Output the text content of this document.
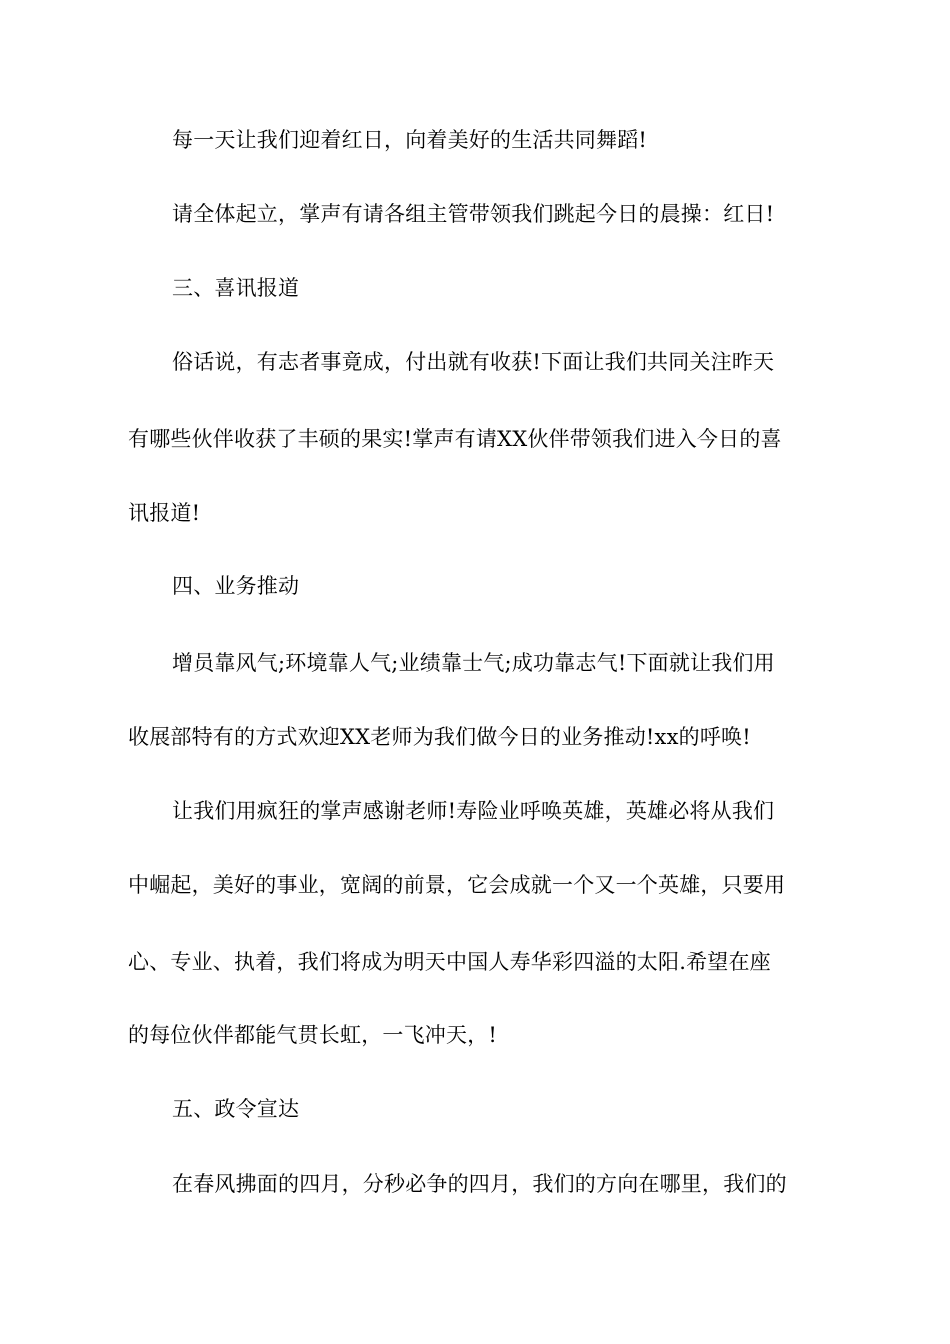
每一天让我们迎着红日，向着美好的生活共同舞蹈!
请全体起立，掌声有请各组主管带领我们跳起今日的晨操：红日!
三、喜讯报道
俗话说，有志者事竟成，付出就有收获!下面让我们共同关注昨天
有哪些伙伴收获了丰硕的果实!掌声有请XX伙伴带领我们进入今日的喜
讯报道!
四、业务推动
增员靠风气;环境靠人气;业绩靠士气;成功靠志气!下面就让我们用
收展部特有的方式欢迎XX老师为我们做今日的业务推动!xx的呼唤!
让我们用疯狂的掌声感谢老师!寿险业呼唤英雄，英雄必将从我们
中崛起，美好的事业，宽阔的前景，它会成就一个又一个英雄，只要用
心、专业、执着，我们将成为明天中国人寿华彩四溢的太阳.希望在座
的每位伙伴都能气贯长虹，一飞冲天，!
五、政令宣达
在春风拂面的四月，分秒必争的四月，我们的方向在哪里，我们的
